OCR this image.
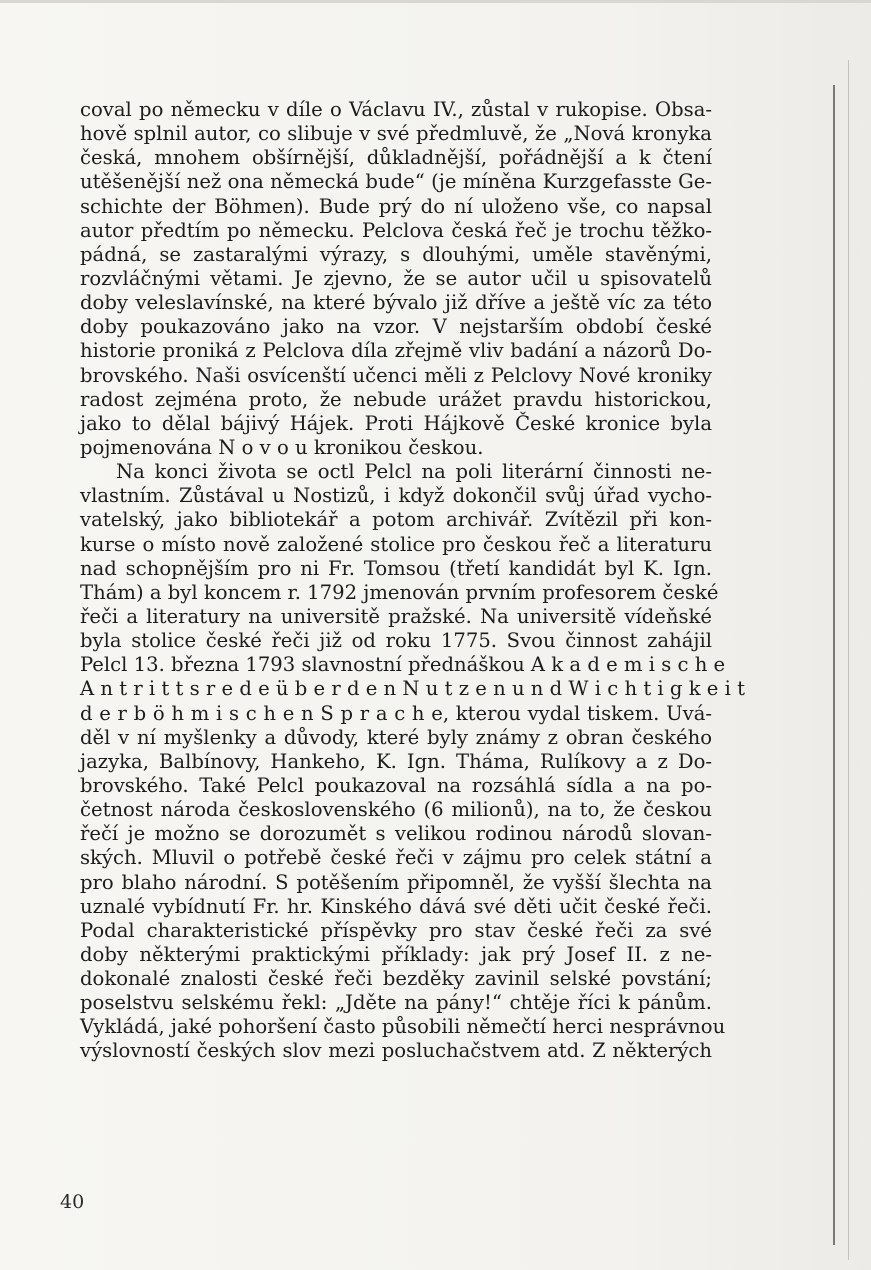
coval po německu v díle o Václavu IV., zůstal v rukopise. Obsa-
hově splnil autor, co slibuje v své předmluvě, že „Nová kronyka
česká, mnohem obšírnější, důkladnější, pořádnější a k čtení
utěšenější než ona německá bude“ (je míněna Kurzgefasste Ge-
schichte der Böhmen). Bude prý do ní uloženo vše, co napsal
autor předtím po německu. Pelclova česká řeč je trochu těžko-
pádná, se zastaralými výrazy, s dlouhými, uměle stavěnými,
rozvláčnými větami. Je zjevno, že se autor učil u spisovatelů
doby veleslavínské, na které bývalo již dříve a ještě víc za této
doby poukazováno jako na vzor. V nejstarším období české
historie proniká z Pelclova díla zřejmě vliv badání a názorů Do-
brovského. Naši osvícenští učenci měli z Pelclovy Nové kroniky
radost zejména proto, že nebude urážet pravdu historickou,
jako to dělal bájivý Hájek. Proti Hájkově České kronice byla
pojmenována N o v o u kronikou českou.
Na konci života se octl Pelcl na poli literární činnosti ne-
vlastním. Zůstával u Nostizů, i když dokončil svůj úřad vycho-
vatelský, jako bibliotekář a potom archivář. Zvítězil při kon-
kurse o místo nově založené stolice pro českou řeč a literaturu
nad schopnějším pro ni Fr. Tomsou (třetí kandidát byl K. Ign.
Thám) a byl koncem r. 1792 jmenován prvním profesorem české
řeči a literatury na universitě pražské. Na universitě vídeňské
byla stolice české řeči již od roku 1775. Svou činnost zahájil
Pelcl 13. března 1793 slavnostní přednáškou A k a d e m i s c h e
A n t r i t t s r e d e ü b e r d e n N u t z e n u n d W i c h t i g k e i t
d e r b ö h m i s c h e n S p r a c h e, kterou vydal tiskem. Uvá-
děl v ní myšlenky a důvody, které byly známy z obran českého
jazyka, Balbínovy, Hankeho, K. Ign. Tháma, Rulíkovy a z Do-
brovského. Také Pelcl poukazoval na rozsáhlá sídla a na po-
četnost národa československého (6 milionů), na to, že českou
řečí je možno se dorozumět s velikou rodinou národů slovan-
ských. Mluvil o potřebě české řeči v zájmu pro celek státní a
pro blaho národní. S potěšením připomněl, že vyšší šlechta na
uznalé vybídnutí Fr. hr. Kinského dává své děti učit české řeči.
Podal charakteristické příspěvky pro stav české řeči za své
doby některými praktickými příklady: jak prý Josef II. z ne-
dokonalé znalosti české řeči bezděky zavinil selské povstání;
poselstvu selskému řekl: „Jděte na pány!“ chtěje říci k pánům.
Vykládá, jaké pohoršení často působili němečtí herci nesprávnou
výslovností českých slov mezi posluchačstvem atd. Z některých
40
